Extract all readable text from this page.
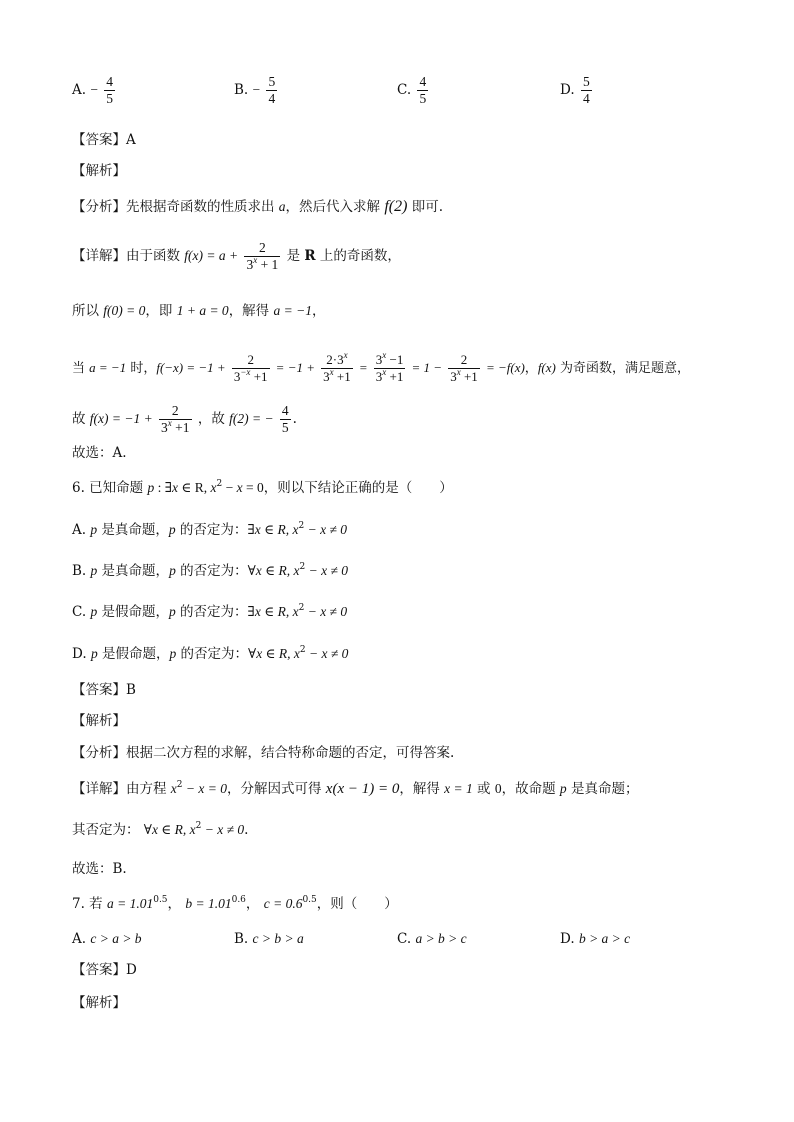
A. − $\frac{4}{5}$	B. − $\frac{5}{4}$	C. $\frac{4}{5}$	D. $\frac{5}{4}$
【答案】A
【解析】
【分析】先根据奇函数的性质求出 a，然后代入求解 f(2) 即可.
【详解】由于函数 $f(x) = a + \frac{2}{3^x + 1}$ 是 R 上的奇函数，
所以 f(0) = 0，即 1 + a = 0，解得 a = −1，
当 a = −1 时，$f(-x) = -1 + \frac{2}{3^{-x} +1} = -1 + \frac{2\cdot 3^x}{3^x +1} = \frac{3^x -1}{3^x +1} = 1 - \frac{2}{3^x +1} = -f(x)$，f(x) 为奇函数，满足题意，
故 $f(x) = -1 + \frac{2}{3^x +1}$ ，故 f(2) = − $\frac{4}{5}$ .
故选：A.
6. 已知命题 p : ∃x ∈ R, $x^2 - x = 0$，则以下结论正确的是（　　）
A. p 是真命题，p 的否定为：∃x ∈ R, $x^2 - x \ne 0$
B. p 是真命题，p 的否定为：∀x ∈ R, $x^2 - x \ne 0$
C. p 是假命题，p 的否定为：∃x ∈ R, $x^2 - x \ne 0$
D. p 是假命题，p 的否定为：∀x ∈ R, $x^2 - x \ne 0$
【答案】B
【解析】
【分析】根据二次方程的求解，结合特称命题的否定，可得答案.
【详解】由方程 $x^2 - x = 0$，分解因式可得 x(x − 1) = 0，解得 x = 1 或 0，故命题 p 是真命题；
其否定为： ∀x ∈ R, $x^2 - x \ne 0$.
故选：B.
7. 若 $a = 1.01^{0.5}$， $b = 1.01^{0.6}$， $c = 0.6^{0.5}$，则（　　）
A. c > a > b	B. c > b > a	C. a > b > c	D. b > a > c
【答案】D
【解析】
